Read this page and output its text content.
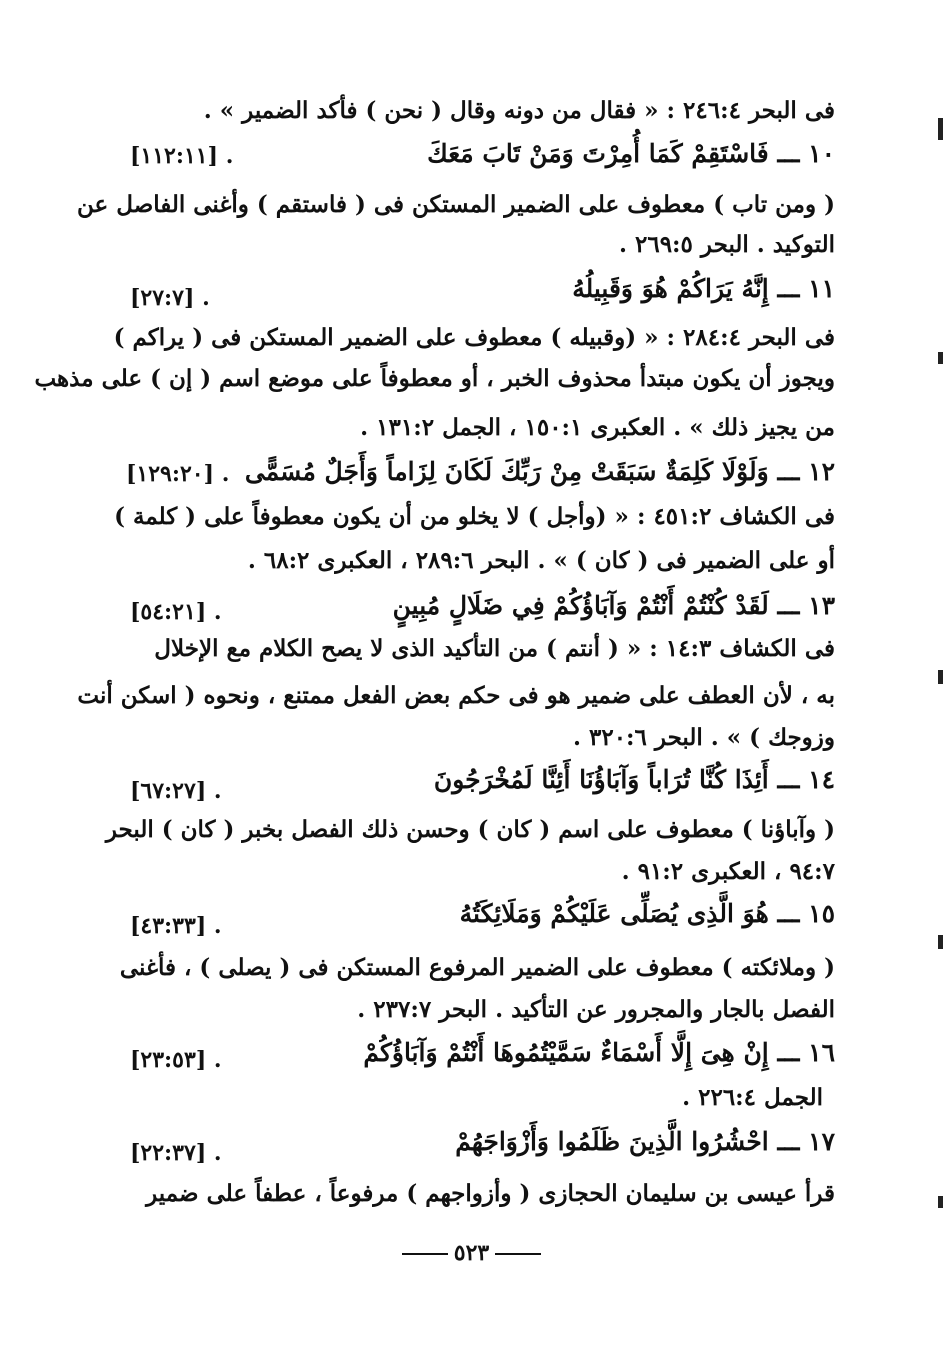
فى البحر ٢٤٦:٤ : « فقال من دونه وقال ( نحن ) فأكد الضمير » .
١٠ ـــ فَاسْتَقِمْ كَمَا أُمِرْتَ وَمَنْ تَابَ مَعَكَ
[١١٢:١١] .
( ومن تاب ) معطوف على الضمير المستكن فى ( فاستقم ) وأغنى الفاصل عن
التوكيد . البحر ٢٦٩:٥ .
١١ ـــ إِنَّهُ يَرَاكُمْ هُوَ وَقَبِيلُهُ
[٢٧:٧] .
فى البحر ٢٨٤:٤ : « (وقبيله ) معطوف على الضمير المستكن فى ( يراكم )
ويجوز أن يكون مبتدأ محذوف الخبر ، أو معطوفاً على موضع اسم ( إن ) على مذهب
من يجيز ذلك » . العكبرى ١٥٠:١ ، الجمل ١٣١:٢ .
١٢ ـــ وَلَوْلَا كَلِمَةٌ سَبَقَتْ مِنْ رَبِّكَ لَكَانَ لِزَاماً وَأَجَلٌ مُسَمًّى
[١٢٩:٢٠] .
فى الكشاف ٤٥١:٢ : « (وأجل ) لا يخلو من أن يكون معطوفاً على ( كلمة )
أو على الضمير فى ( كان ) » . البحر ٢٨٩:٦ ، العكبرى ٦٨:٢ .
١٣ ـــ لَقَدْ كُنْتُمْ أَنْتُمْ وَآبَاؤُكُمْ فِي ضَلَالٍ مُبِينٍ
[٥٤:٢١] .
فى الكشاف ١٤:٣ : « ( أنتم ) من التأكيد الذى لا يصح الكلام مع الإخلال
به ، لأن العطف على ضمير هو فى حكم بعض الفعل ممتنع ، ونحوه ( اسكن أنت
وزوجك ) » . البحر ٣٢٠:٦ .
١٤ ـــ أَئِذَا كُنَّا تُرَاباً وَآبَاؤُنَا أَئِنَّا لَمُخْرَجُونَ
[٦٧:٢٧] .
( وآباؤنا ) معطوف على اسم ( كان ) وحسن ذلك الفصل بخبر ( كان ) البحر
٩٤:٧ ، العكبرى ٩١:٢ .
١٥ ـــ هُوَ الَّذِى يُصَلِّى عَلَيْكُمْ وَمَلَائِكَتُهُ
[٤٣:٣٣] .
( وملائكته ) معطوف على الضمير المرفوع المستكن فى ( يصلى ) ، فأغنى
الفصل بالجار والمجرور عن التأكيد . البحر ٢٣٧:٧ .
١٦ ـــ إِنْ هِىَ إِلَّا أَسْمَاءٌ سَمَّيْتُمُوهَا أَنْتُمْ وَآبَاؤُكُمْ
[٢٣:٥٣] .
الجمل ٢٢٦:٤ .
١٧ ـــ احْشُرُوا الَّذِينَ ظَلَمُوا وَأَزْوَاجَهُمْ
[٢٢:٣٧] .
قرأ عيسى بن سليمان الحجازى ( وأزواجهم ) مرفوعاً ، عطفاً على ضمير
٥٢٣
